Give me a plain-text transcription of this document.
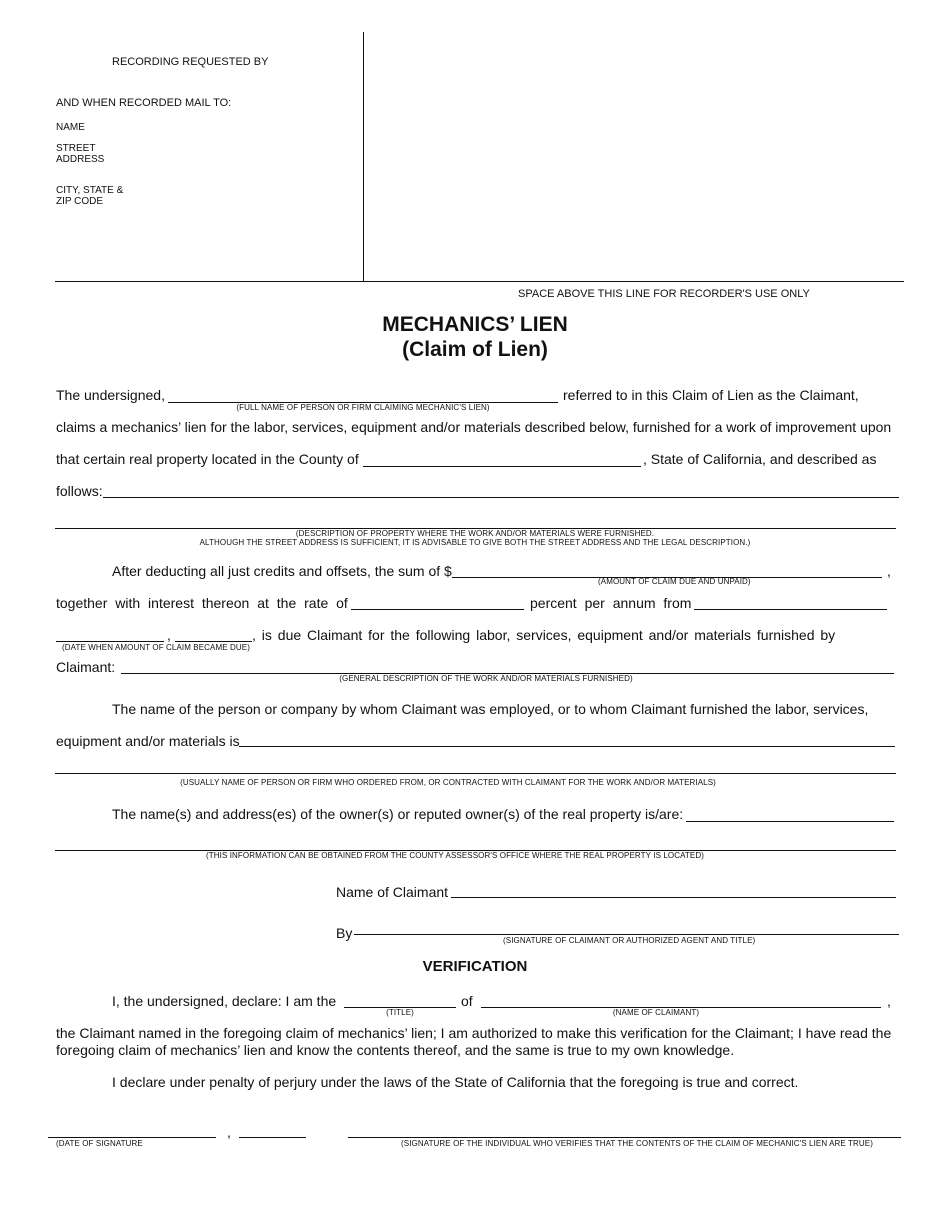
RECORDING REQUESTED BY
AND WHEN RECORDED MAIL TO:
NAME
STREET
ADDRESS
CITY, STATE &
ZIP CODE
SPACE ABOVE THIS LINE FOR RECORDER'S USE ONLY
MECHANICS’ LIEN
(Claim of Lien)
The undersigned,	referred to in this Claim of Lien as the Claimant,
(FULL NAME OF PERSON OR FIRM CLAIMING MECHANIC'S LIEN)
claims a mechanics’ lien for the labor, services, equipment and/or materials described below, furnished for a work of improvement upon
that certain real property located in the County of	, State of California, and described as
follows:
(DESCRIPTION OF PROPERTY WHERE THE WORK AND/OR MATERIALS WERE FURNISHED.
ALTHOUGH THE STREET ADDRESS IS SUFFICIENT, IT IS ADVISABLE TO GIVE BOTH THE STREET ADDRESS AND THE LEGAL DESCRIPTION.)
After deducting all just credits and offsets, the sum of $	,
(AMOUNT OF CLAIM DUE AND UNPAID)
together with interest thereon at the rate of	percent per annum from
,	, is due Claimant for the following labor, services, equipment and/or materials furnished by
(DATE WHEN AMOUNT OF CLAIM BECAME DUE)
Claimant:
(GENERAL DESCRIPTION OF THE WORK AND/OR MATERIALS FURNISHED)
The name of the person or company by whom Claimant was employed, or to whom Claimant furnished the labor, services,
equipment and/or materials is
(USUALLY NAME OF PERSON OR FIRM WHO ORDERED FROM, OR CONTRACTED WITH CLAIMANT FOR THE WORK AND/OR MATERIALS)
The name(s) and address(es) of the owner(s) or reputed owner(s) of the real property is/are:
(THIS INFORMATION CAN BE OBTAINED FROM THE COUNTY ASSESSOR'S OFFICE WHERE THE REAL PROPERTY IS LOCATED)
Name of Claimant
By	(SIGNATURE OF CLAIMANT OR AUTHORIZED AGENT AND TITLE)
VERIFICATION
I, the undersigned, declare: I am the	of	,
(TITLE)	(NAME OF CLAIMANT)
the Claimant named in the foregoing claim of mechanics’ lien; I am authorized to make this verification for the Claimant; I have read the
foregoing claim of mechanics’ lien and know the contents thereof, and the same is true to my own knowledge.
I declare under penalty of perjury under the laws of the State of California that the foregoing is true and correct.
,
(DATE OF SIGNATURE	(SIGNATURE OF THE INDIVIDUAL WHO VERIFIES THAT THE CONTENTS OF THE CLAIM OF MECHANIC'S LIEN ARE TRUE)
